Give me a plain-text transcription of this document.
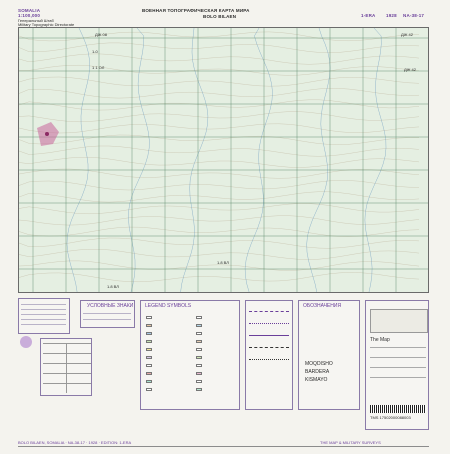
SOMALIA
1:100,000
Генеральный Штаб
Military Topographic Directorate
ВОЕННАЯ ТОПОГРАФИЧЕСКАЯ КАРТА МИРА
BOLO BILAEN	1-ERA 1928 NA-38-17
ДЖ 08	ДЖ 42
1-0
1 1 ОЛ	ДЖ 42
1.8 ВЛ
1.8 ВЛ
УСЛОВНЫЕ ЗНАКИ LEGEND SYMBOLS	ОБОЗНАЧЕНИЯ
MOQDISHO
BARDERA
KISMAYO
The Map
TMS 17502000088003
BOLO BILAEN, SOMALIA · NA-38-17 · 1928 · EDITION: 1-ERA	THE MAP & MILITARY SURVEYS
